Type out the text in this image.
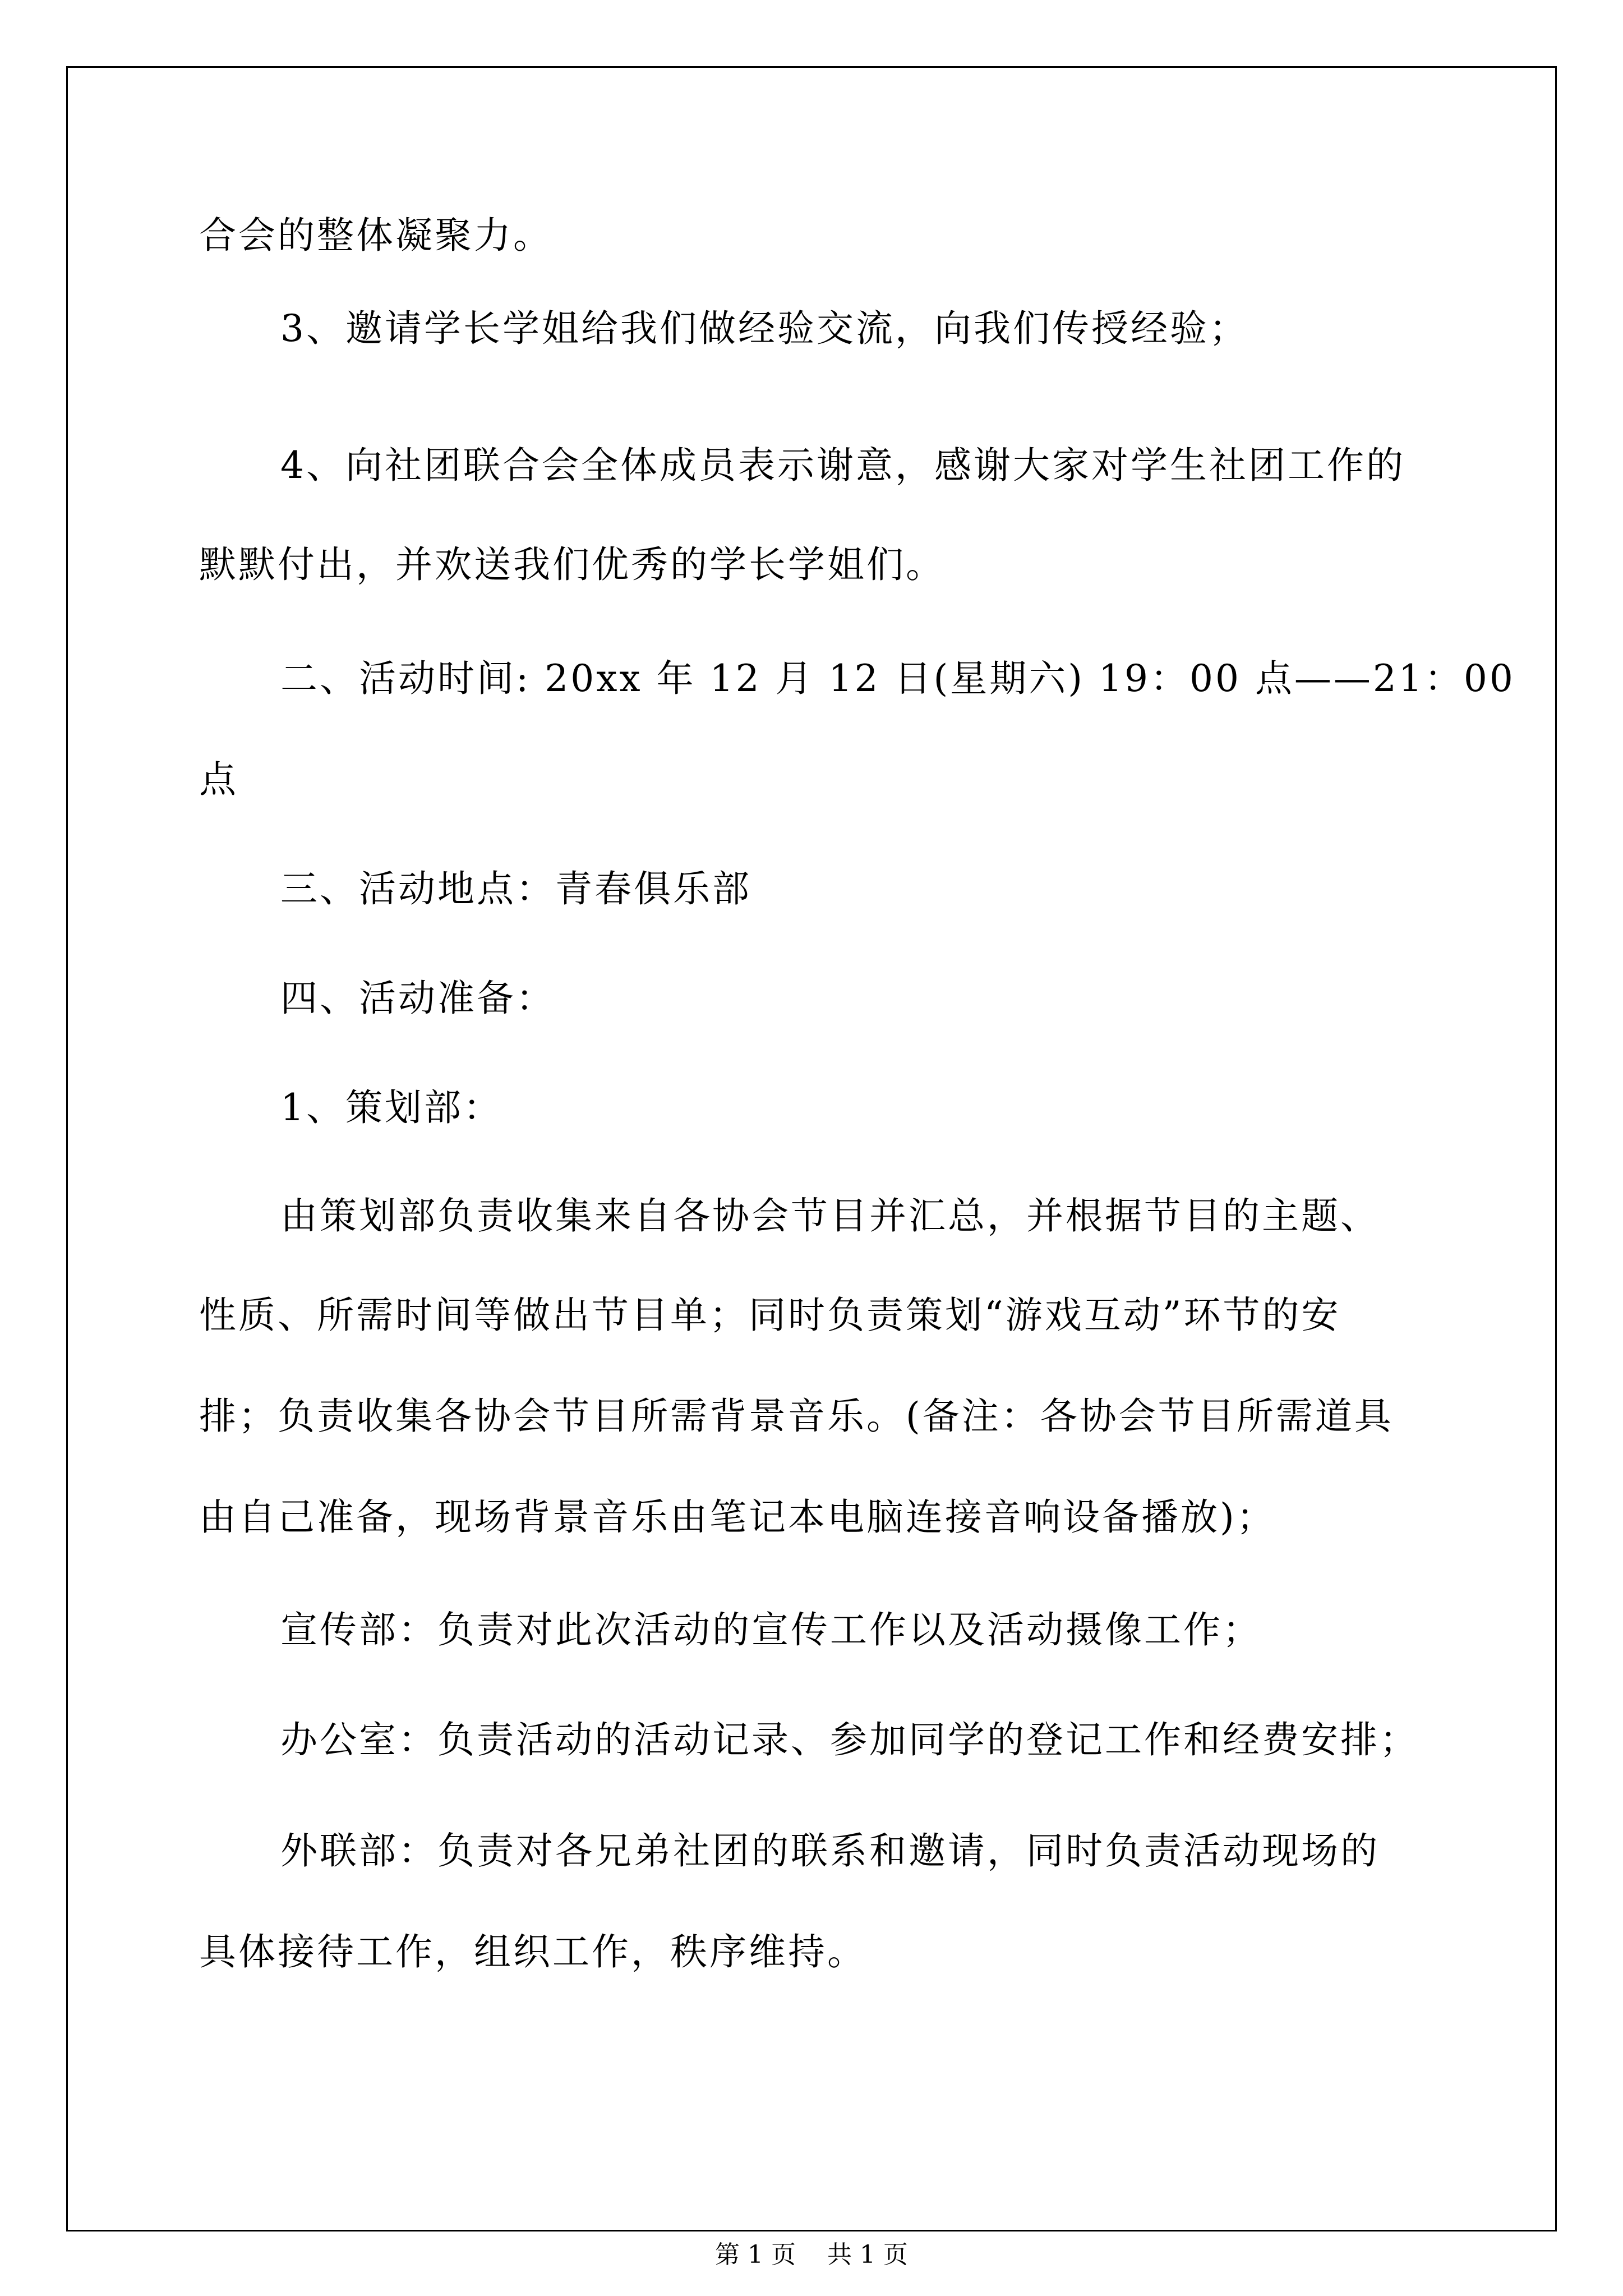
合会的整体凝聚力。
3、邀请学长学姐给我们做经验交流，向我们传授经验；
4、向社团联合会全体成员表示谢意，感谢大家对学生社团工作的
默默付出，并欢送我们优秀的学长学姐们。
二、活动时间: 20xx 年 12 月 12 日(星期六) 19：00 点——21：00
点
三、活动地点：青春俱乐部
四、活动准备：
1、策划部：
由策划部负责收集来自各协会节目并汇总，并根据节目的主题、
性质、所需时间等做出节目单；同时负责策划“游戏互动”环节的安
排；负责收集各协会节目所需背景音乐。(备注：各协会节目所需道具
由自己准备，现场背景音乐由笔记本电脑连接音响设备播放)；
宣传部：负责对此次活动的宣传工作以及活动摄像工作；
办公室：负责活动的活动记录、参加同学的登记工作和经费安排；
外联部：负责对各兄弟社团的联系和邀请，同时负责活动现场的
具体接待工作，组织工作，秩序维持。
第 1 页    共 1 页
